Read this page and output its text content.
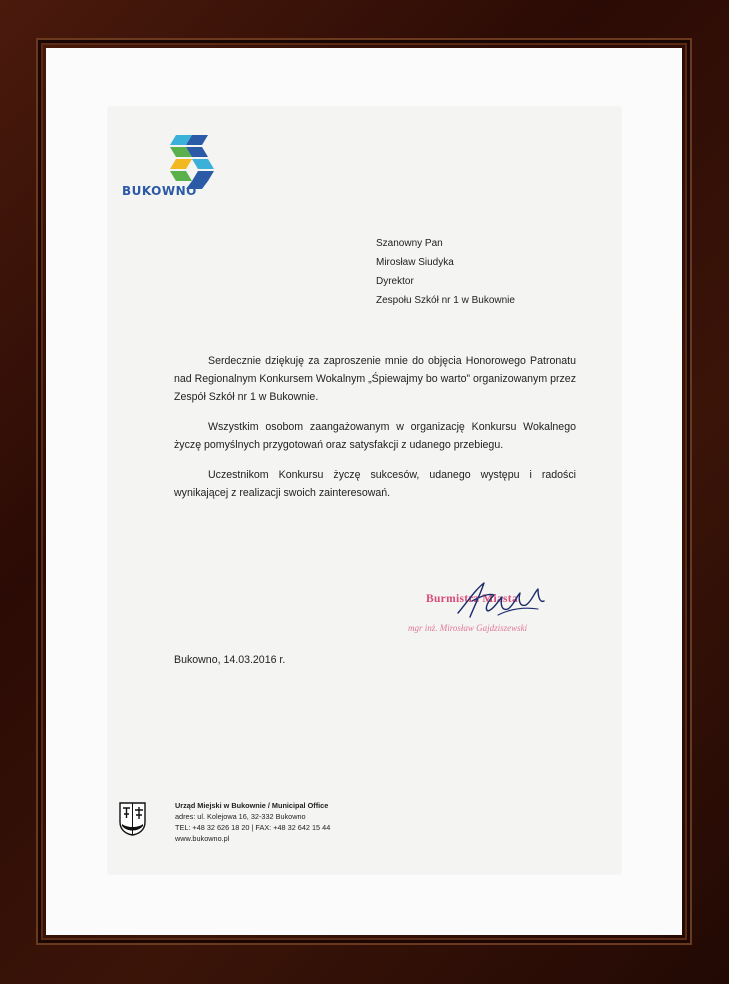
BUKOWNO
Szanowny Pan
Mirosław Siudyka
Dyrektor
Zespołu Szkół nr 1 w Bukownie

Serdecznie dziękuję za zaproszenie mnie do objęcia Honorowego Patronatu nad Regionalnym Konkursem Wokalnym „Śpiewajmy bo warto” organizowanym przez Zespół Szkół nr 1 w Bukownie.

Wszystkim osobom zaangażowanym w organizację Konkursu Wokalnego życzę pomyślnych przygotowań oraz satysfakcji z udanego przebiegu.

Uczestnikom Konkursu życzę sukcesów, udanego występu i radości wynikającej z realizacji swoich zainteresowań.

Burmistrz Miasta
mgr inż. Mirosław Gajdziszewski
Bukowno, 14.03.2016 r.
Urząd Miejski w Bukownie / Municipal Office
adres: ul. Kolejowa 16, 32-332 Bukowno
TEL: +48 32 626 18 20 | FAX: +48 32 642 15 44
www.bukowno.pl
